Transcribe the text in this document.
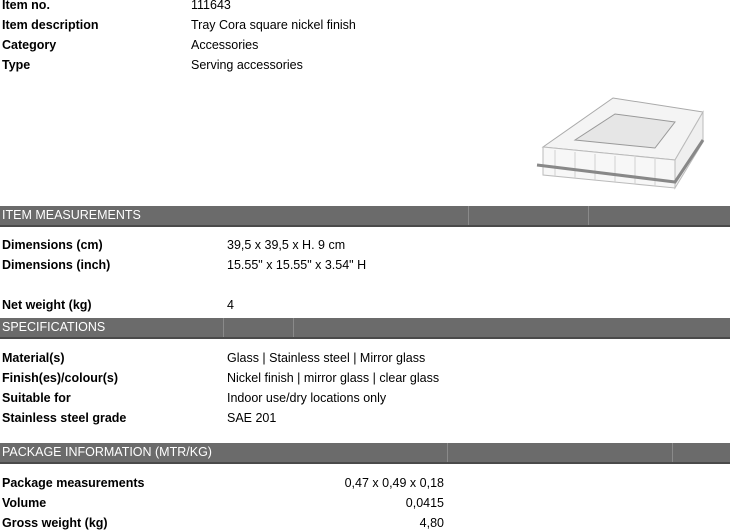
Item no.	111643
Item description	Tray Cora square nickel finish
Category	Accessories
Type	Serving accessories
ITEM MEASUREMENTS
Dimensions (cm)	39,5 x 39,5 x H. 9 cm
Dimensions (inch)	15.55" x 15.55" x 3.54" H
Net weight (kg)	4
SPECIFICATIONS
Material(s)	Glass | Stainless steel | Mirror glass
Finish(es)/colour(s)	Nickel finish | mirror glass | clear glass
Suitable for	Indoor use/dry locations only
Stainless steel grade	SAE 201
PACKAGE INFORMATION (MTR/KG)
Package measurements	0,47 x 0,49 x 0,18
Volume	0,0415
Gross weight (kg)	4,80
